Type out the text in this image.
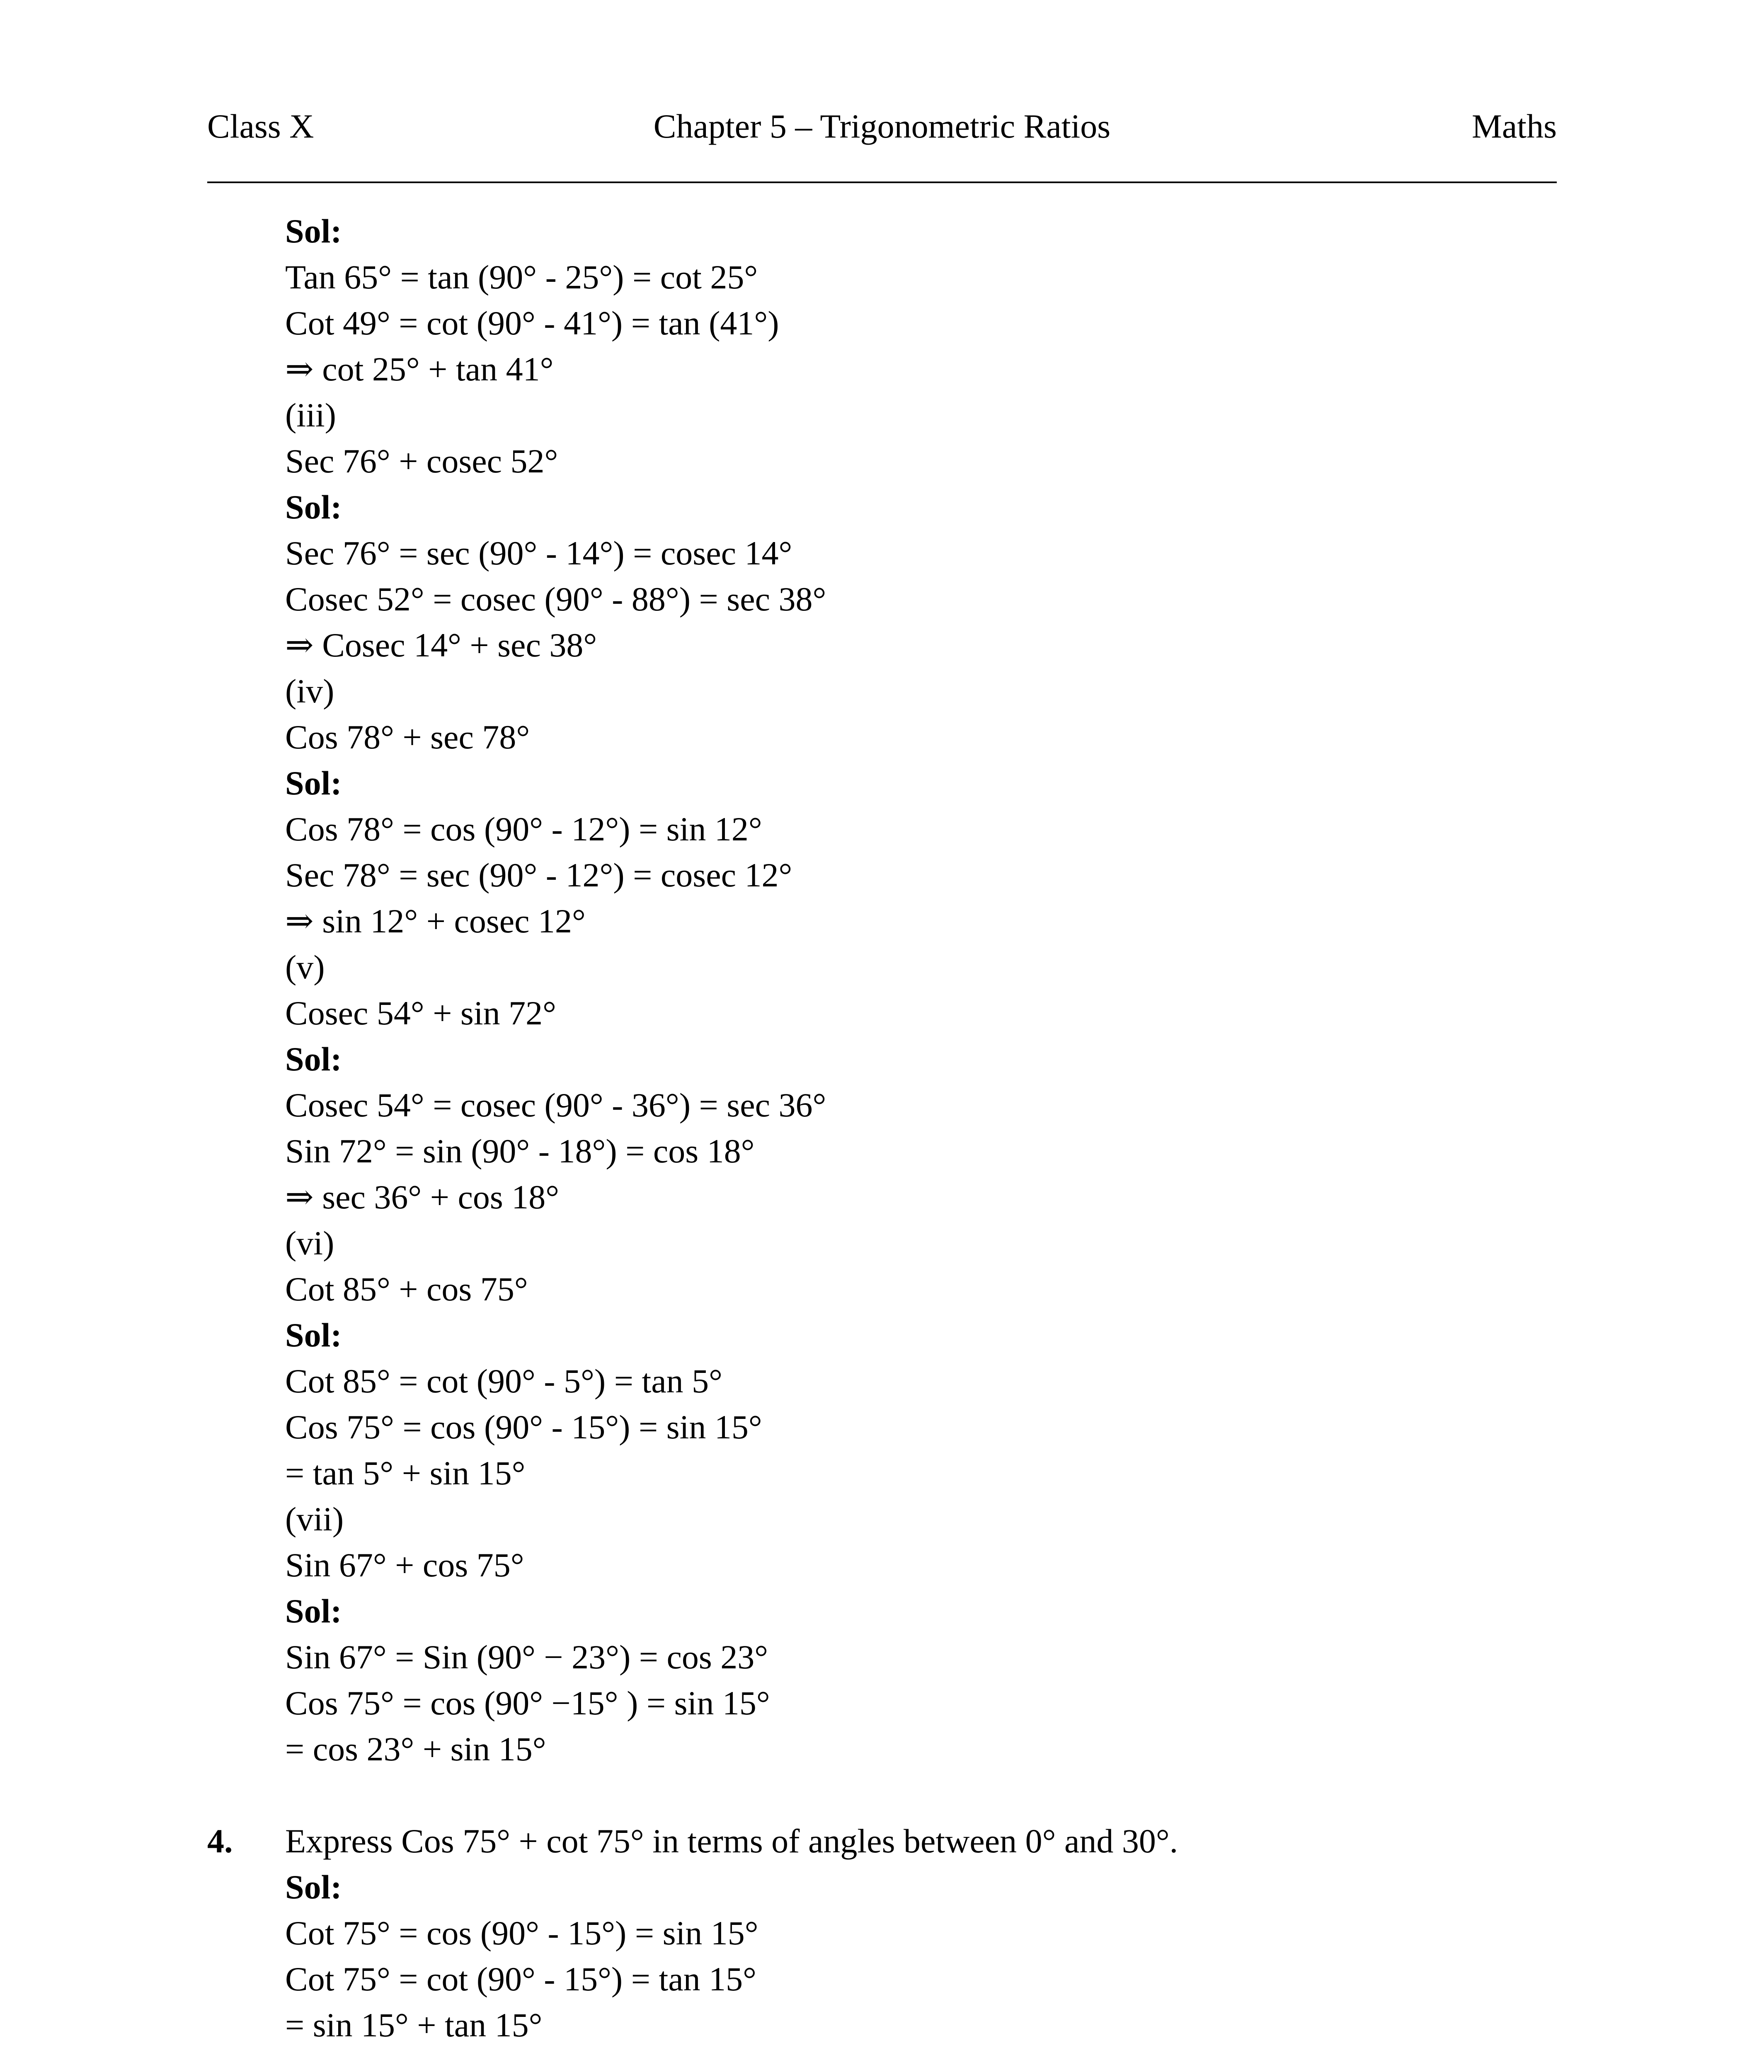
Class X	Chapter 5 – Trigonometric Ratios	Maths
Sol:
Tan 65° = tan (90° - 25°) = cot 25°
Cot 49° = cot (90° - 41°) = tan (41°)
⇒ cot 25° + tan 41°
(iii)
Sec 76° + cosec 52°
Sol:
Sec 76° = sec (90° - 14°) = cosec 14°
Cosec 52° = cosec (90° - 88°) = sec 38°
⇒ Cosec 14° + sec 38°
(iv)
Cos 78° + sec 78°
Sol:
Cos 78° = cos (90° - 12°) = sin 12°
Sec 78° = sec (90° - 12°) = cosec 12°
⇒ sin 12° + cosec 12°
(v)
Cosec 54° + sin 72°
Sol:
Cosec 54° = cosec (90° - 36°) = sec 36°
Sin 72° = sin (90° - 18°) = cos 18°
⇒ sec 36° + cos 18°
(vi)
Cot 85° + cos 75°
Sol:
Cot 85° = cot (90° - 5°) = tan 5°
Cos 75° = cos (90° - 15°) = sin 15°
= tan 5° + sin 15°
(vii)
Sin 67° + cos 75°
Sol:
Sin 67° = Sin (90° − 23°) = cos 23°
Cos 75° = cos (90° −15° ) = sin 15°
= cos 23° + sin 15°
4. Express Cos 75° + cot 75° in terms of angles between 0° and 30°.
Sol:
Cot 75° = cos (90° - 15°) = sin 15°
Cot 75° = cot (90° - 15°) = tan 15°
= sin 15° + tan 15°
